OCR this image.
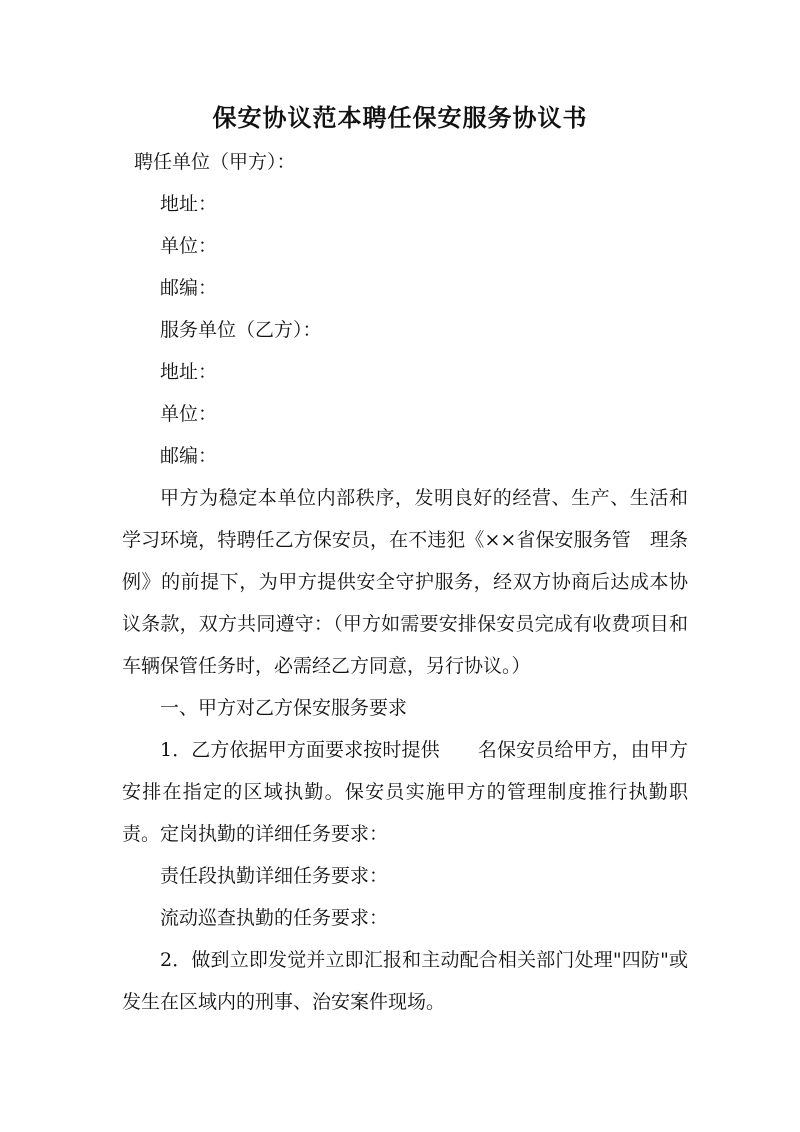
保安协议范本聘任保安服务协议书
聘任单位（甲方）：
地址：
单位：
邮编：
服务单位（乙方）：
地址：
单位：
邮编：
甲方为稳定本单位内部秩序，发明良好的经营、生产、生活和学习环境，特聘任乙方保安员，在不违犯《××省保安服务管　理条例》的前提下，为甲方提供安全守护服务，经双方协商后达成本协议条款，双方共同遵守：（甲方如需要安排保安员完成有收费项目和车辆保管任务时，必需经乙方同意，另行协议。）
一、甲方对乙方保安服务要求
1．乙方依据甲方面要求按时提供　　名保安员给甲方，由甲方安排在指定的区域执勤。保安员实施甲方的管理制度推行执勤职责。 定岗执勤的详细任务要求：
责任段执勤详细任务要求：
流动巡查执勤的任务要求：
2．做到立即发觉并立即汇报和主动配合相关部门处理"四防"或发生在区域内的刑事、治安案件现场。
